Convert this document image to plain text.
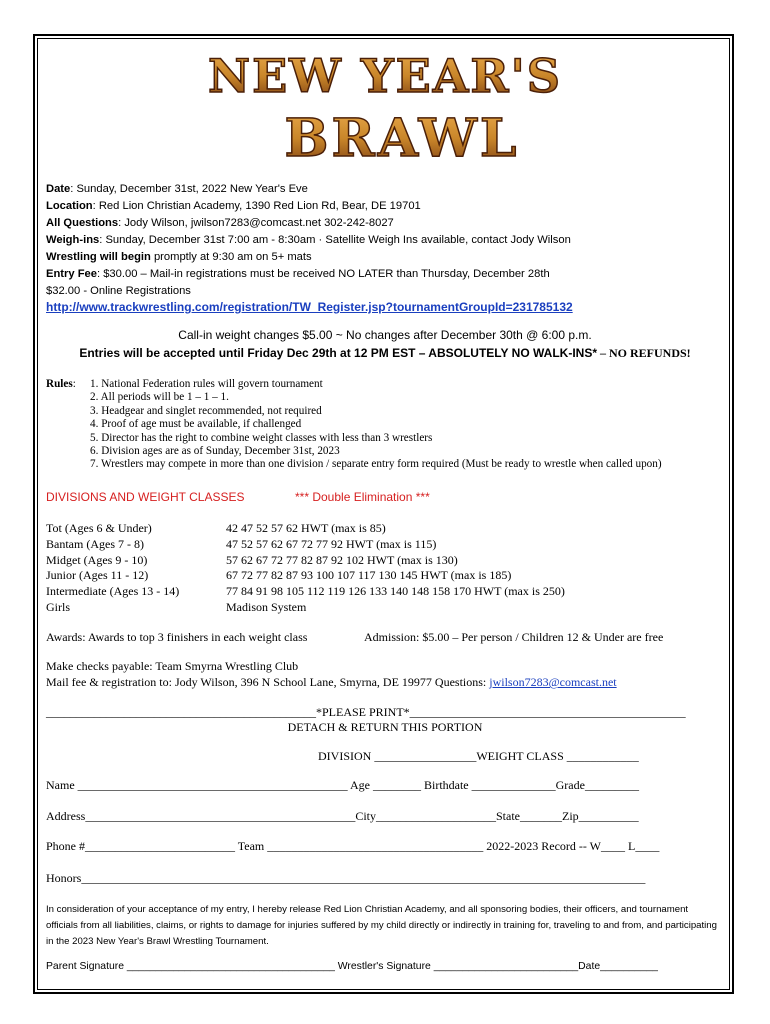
NEW YEAR'S
BRAWL
Date: Sunday, December 31st, 2022 New Year's Eve
Location: Red Lion Christian Academy, 1390 Red Lion Rd, Bear, DE 19701
All Questions: Jody Wilson, jwilson7283@comcast.net 302-242-8027
Weigh-ins: Sunday, December 31st 7:00 am - 8:30am · Satellite Weigh Ins available, contact Jody Wilson
Wrestling will begin promptly at 9:30 am on 5+ mats
Entry Fee: $30.00 – Mail-in registrations must be received NO LATER than Thursday, December 28th
$32.00 - Online Registrations
http://www.trackwrestling.com/registration/TW_Register.jsp?tournamentGroupId=231785132
Call-in weight changes $5.00 ~ No changes after December 30th @ 6:00 p.m.
Entries will be accepted until Friday Dec 29th at 12 PM EST – ABSOLUTELY NO WALK-INS* – NO REFUNDS!
Rules: 1. National Federation rules will govern tournament
2. All periods will be 1 – 1 – 1.
3. Headgear and singlet recommended, not required
4. Proof of age must be available, if challenged
5. Director has the right to combine weight classes with less than 3 wrestlers
6. Division ages are as of Sunday, December 31st, 2023
7. Wrestlers may compete in more than one division / separate entry form required (Must be ready to wrestle when called upon)
DIVISIONS AND WEIGHT CLASSES	*** Double Elimination ***
Tot (Ages 6 & Under)
Bantam (Ages 7 - 8)
Midget (Ages 9 - 10)
Junior (Ages 11 - 12)
Intermediate (Ages 13 - 14)
Girls
42 47 52 57 62 HWT (max is 85)
47 52 57 62 67 72 77 92 HWT (max is 115)
57 62 67 72 77 82 87 92 102 HWT (max is 130)
67 72 77 82 87 93 100 107 117 130 145 HWT (max is 185)
77 84 91 98 105 112 119 126 133 140 148 158 170 HWT (max is 250)
Madison System
Awards: Awards to top 3 finishers in each weight class	Admission: $5.00 – Per person / Children 12 & Under are free
Make checks payable: Team Smyrna Wrestling Club
Mail fee & registration to: Jody Wilson, 396 N School Lane, Smyrna, DE 19977 Questions: jwilson7283@comcast.net
_____________________________________________*PLEASE PRINT*______________________________________________
DETACH & RETURN THIS PORTION
DIVISION _________________WEIGHT CLASS ____________
Name _____________________________________________ Age ________ Birthdate ______________Grade_________
Address_____________________________________________City____________________State_______Zip__________
Phone #_________________________ Team ____________________________________ 2022-2023 Record -- W____ L____
Honors______________________________________________________________________________________________
In consideration of your acceptance of my entry, I hereby release Red Lion Christian Academy, and all sponsoring bodies, their officers, and tournament officials from all liabilities, claims, or rights to damage for injuries suffered by my child directly or indirectly in training for, traveling to and from, and participating in the 2023 New Year's Brawl Wrestling Tournament.
Parent Signature ____________________________________ Wrestler's Signature _________________________Date__________
